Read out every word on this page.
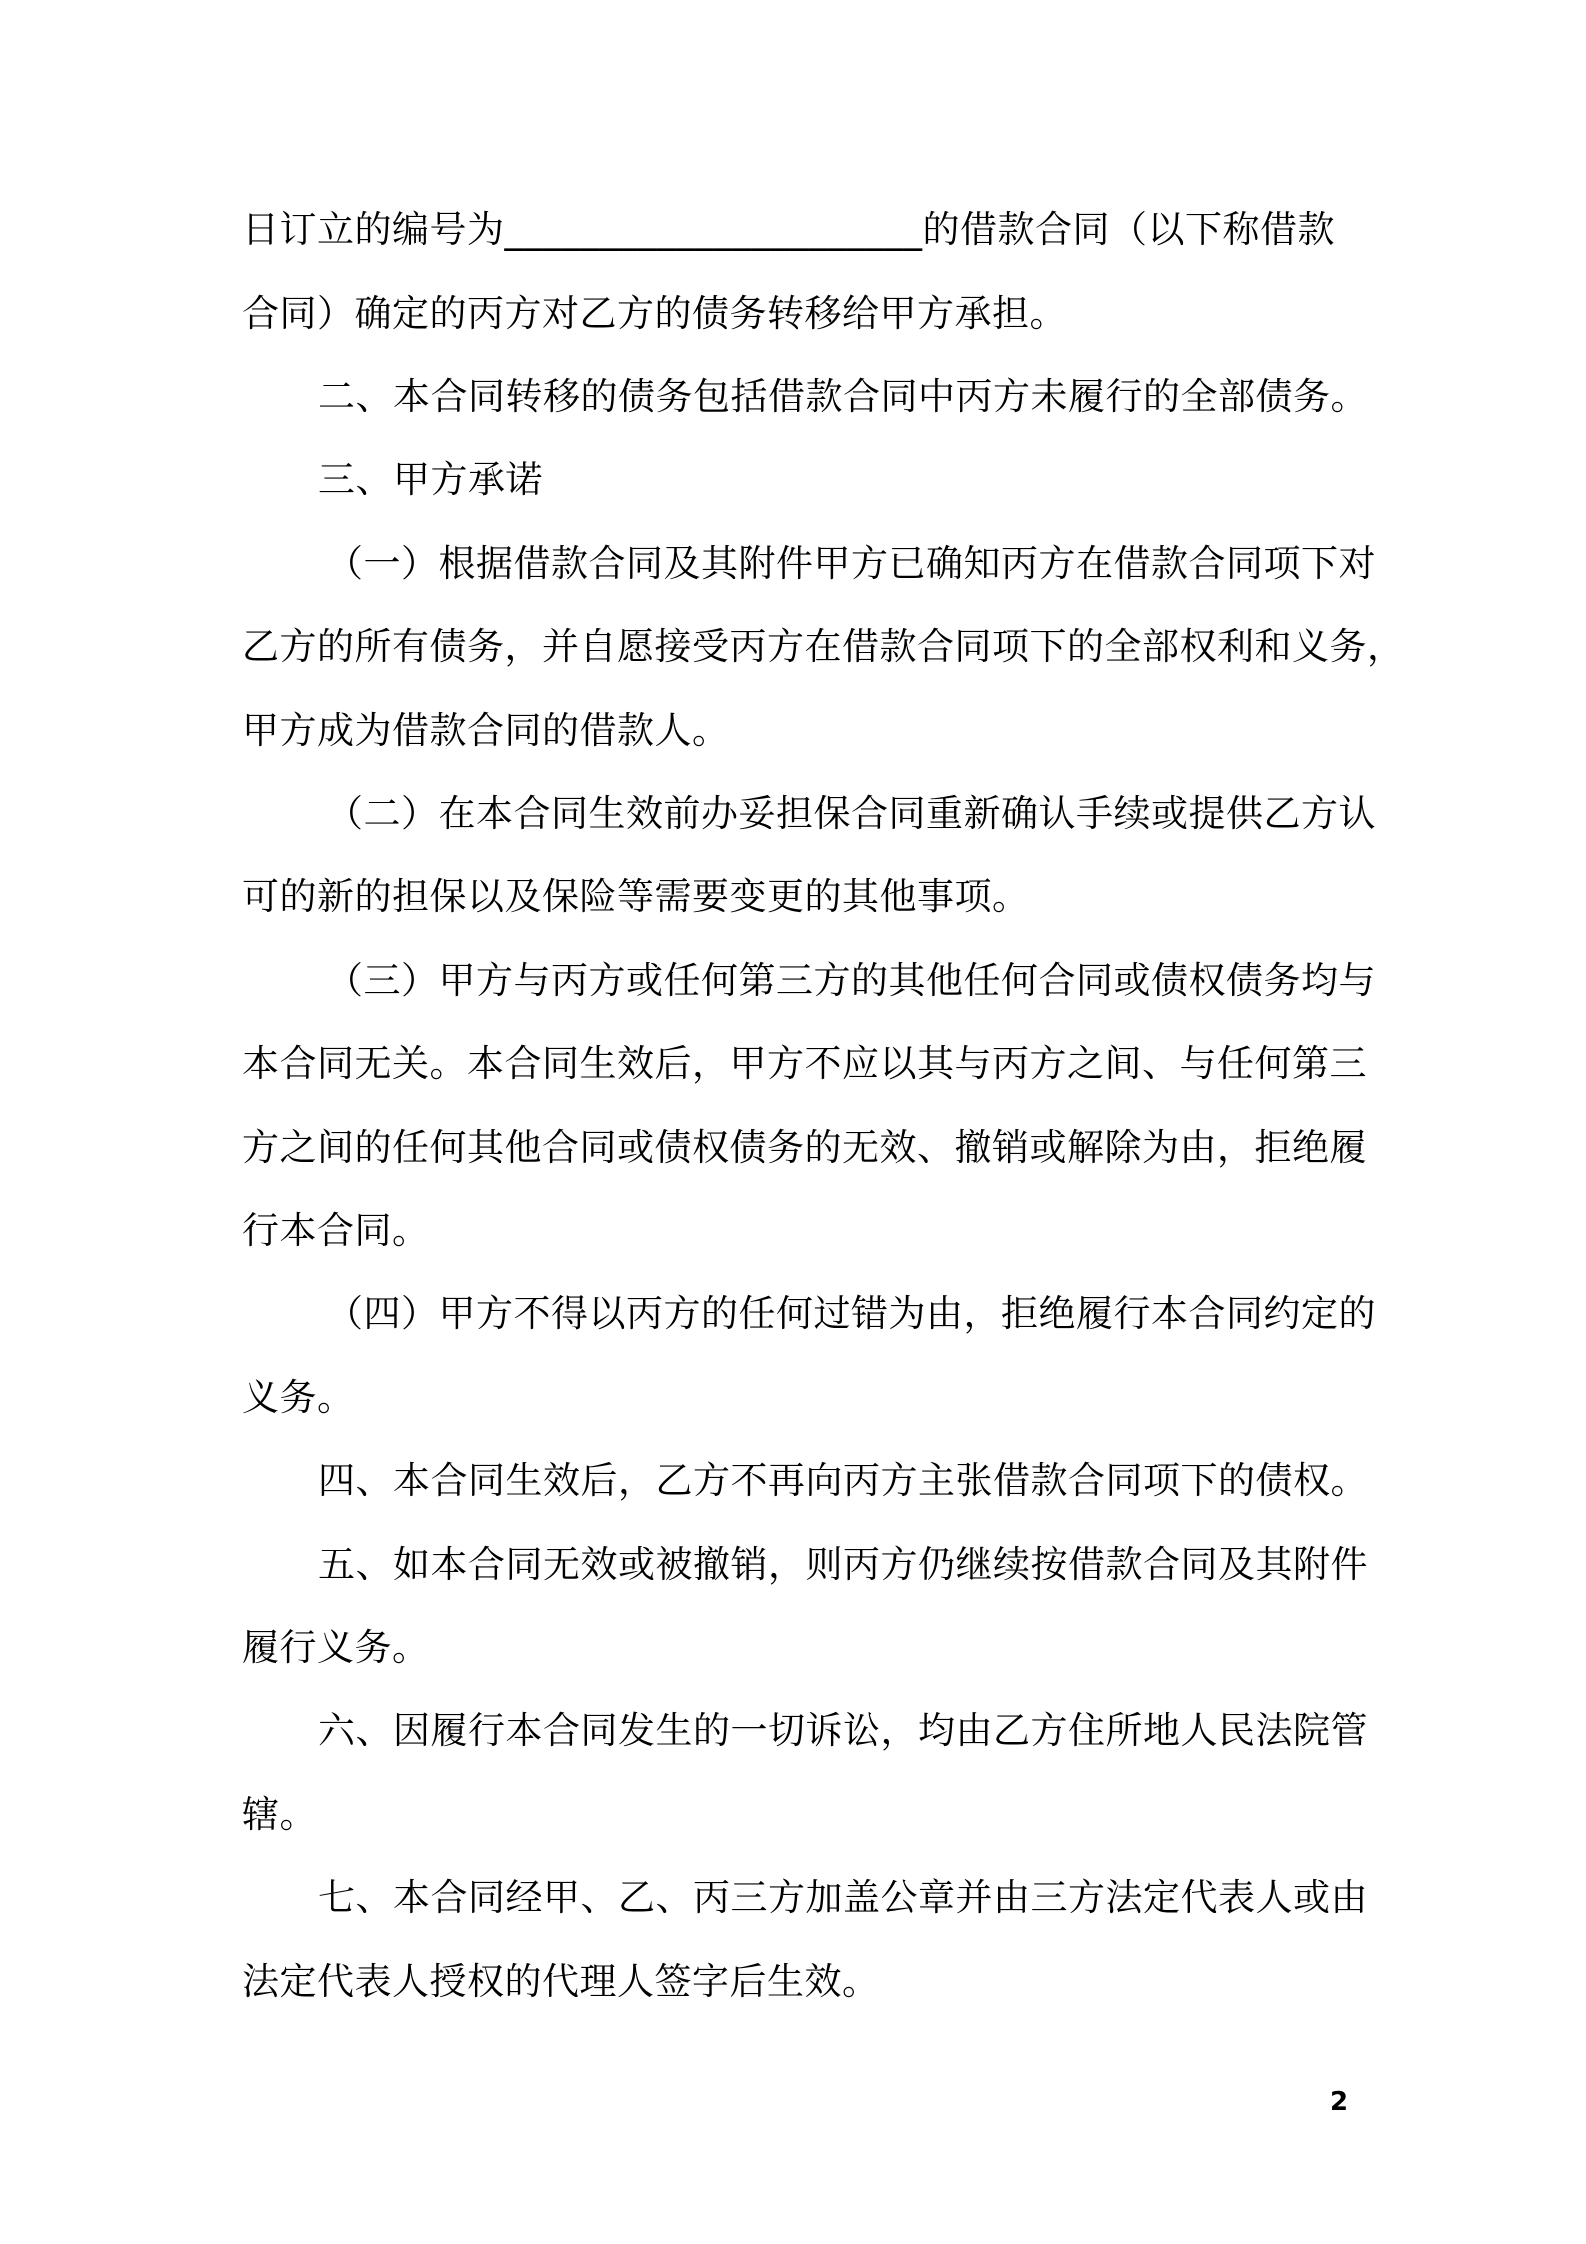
日订立的编号为______________________的借款合同（以下称借款
合同）确定的丙方对乙方的债务转移给甲方承担。
二、本合同转移的债务包括借款合同中丙方未履行的全部债务。
三、甲方承诺
（一）根据借款合同及其附件甲方已确知丙方在借款合同项下对
乙方的所有债务，并自愿接受丙方在借款合同项下的全部权利和义务，
甲方成为借款合同的借款人。
（二）在本合同生效前办妥担保合同重新确认手续或提供乙方认
可的新的担保以及保险等需要变更的其他事项。
（三）甲方与丙方或任何第三方的其他任何合同或债权债务均与
本合同无关。本合同生效后，甲方不应以其与丙方之间、与任何第三
方之间的任何其他合同或债权债务的无效、撤销或解除为由，拒绝履
行本合同。
（四）甲方不得以丙方的任何过错为由，拒绝履行本合同约定的
义务。
四、本合同生效后，乙方不再向丙方主张借款合同项下的债权。
五、如本合同无效或被撤销，则丙方仍继续按借款合同及其附件
履行义务。
六、因履行本合同发生的一切诉讼，均由乙方住所地人民法院管
辖。
七、本合同经甲、乙、丙三方加盖公章并由三方法定代表人或由
法定代表人授权的代理人签字后生效。
2
